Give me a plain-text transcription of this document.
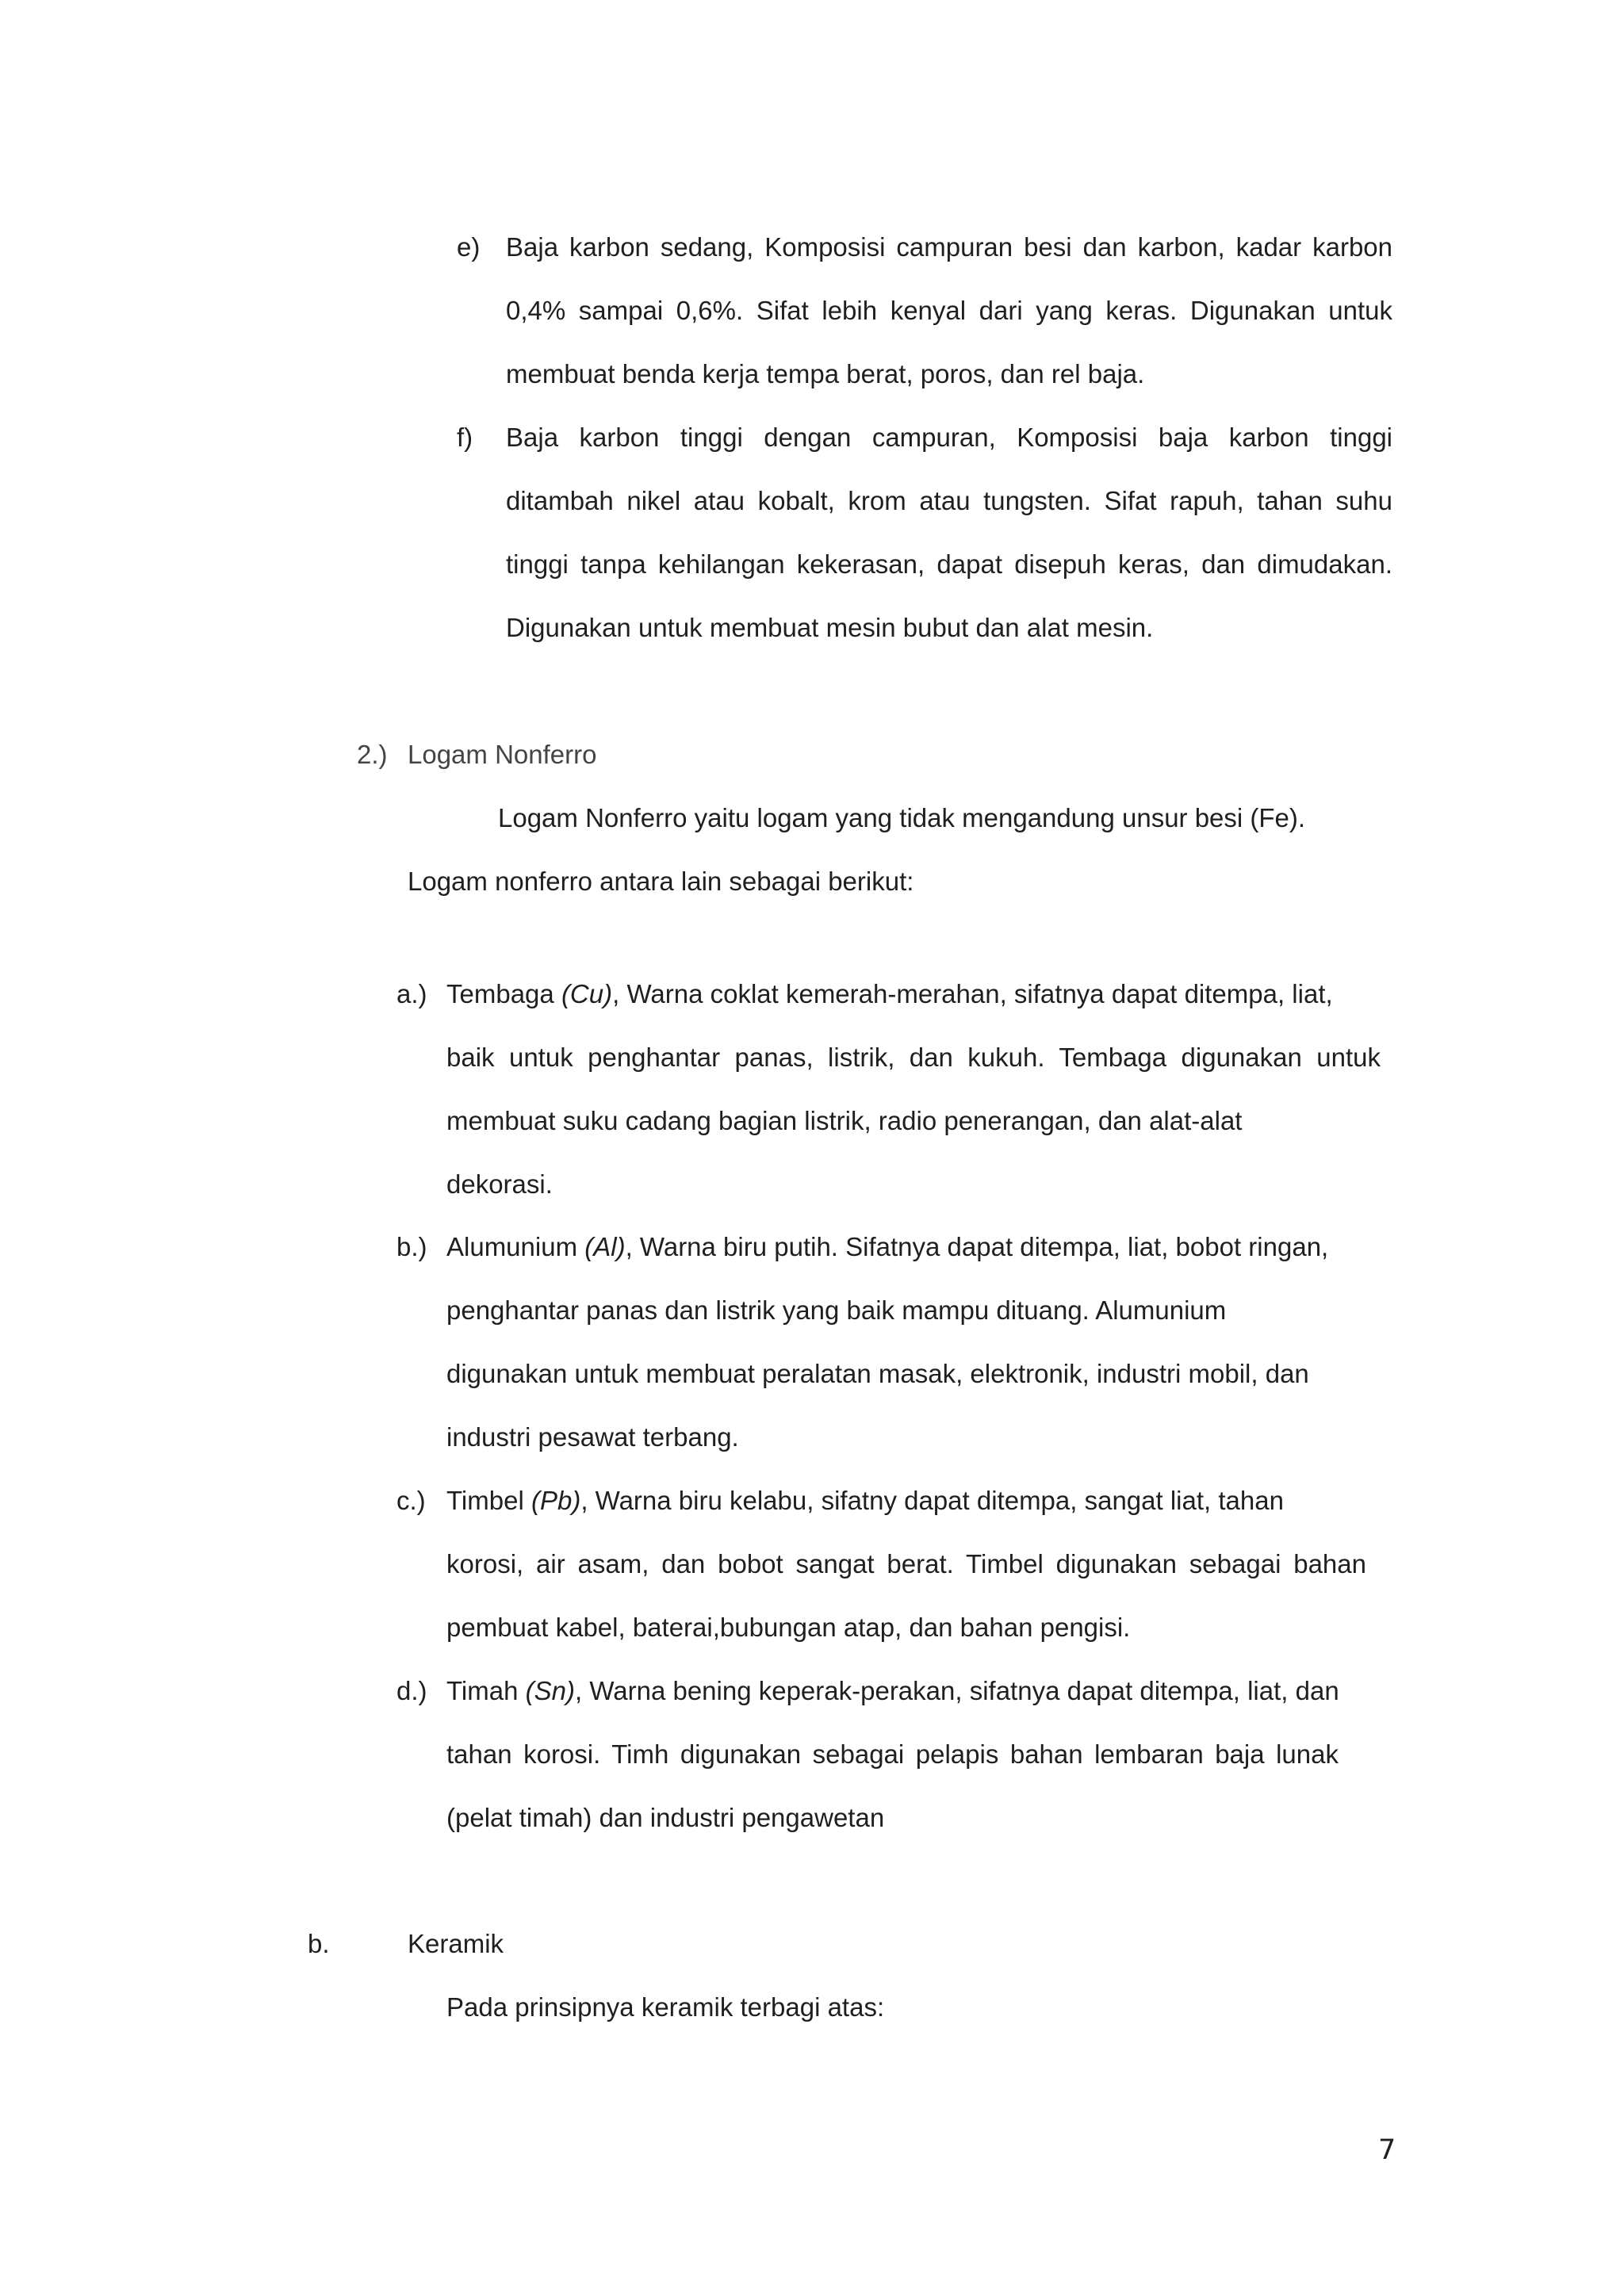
e) Baja karbon sedang, Komposisi campuran besi dan karbon, kadar karbon
0,4% sampai 0,6%. Sifat lebih kenyal dari yang keras. Digunakan untuk
membuat benda kerja tempa berat, poros, dan rel baja.
f) Baja karbon tinggi dengan campuran, Komposisi baja karbon tinggi
ditambah nikel atau kobalt, krom atau tungsten. Sifat rapuh, tahan suhu
tinggi tanpa kehilangan kekerasan, dapat disepuh keras, dan dimudakan.
Digunakan untuk membuat mesin bubut dan alat mesin.
2.) Logam Nonferro
Logam Nonferro yaitu logam yang tidak mengandung unsur besi (Fe).
Logam nonferro antara lain sebagai berikut:
a.) Tembaga (Cu), Warna coklat kemerah-merahan, sifatnya dapat ditempa, liat,
baik untuk penghantar panas, listrik, dan kukuh. Tembaga digunakan untuk
membuat suku cadang bagian listrik, radio penerangan, dan alat-alat
dekorasi.
b.) Alumunium (Al), Warna biru putih. Sifatnya dapat ditempa, liat, bobot ringan,
penghantar panas dan listrik yang baik mampu dituang. Alumunium
digunakan untuk membuat peralatan masak, elektronik, industri mobil, dan
industri pesawat terbang.
c.) Timbel (Pb), Warna biru kelabu, sifatny dapat ditempa, sangat liat, tahan
korosi, air asam, dan bobot sangat berat. Timbel digunakan sebagai bahan
pembuat kabel, baterai,bubungan atap, dan bahan pengisi.
d.) Timah (Sn), Warna bening keperak-perakan, sifatnya dapat ditempa, liat, dan
tahan korosi. Timh digunakan sebagai pelapis bahan lembaran baja lunak
(pelat timah) dan industri pengawetan
b.	Keramik
Pada prinsipnya keramik terbagi atas:
7
